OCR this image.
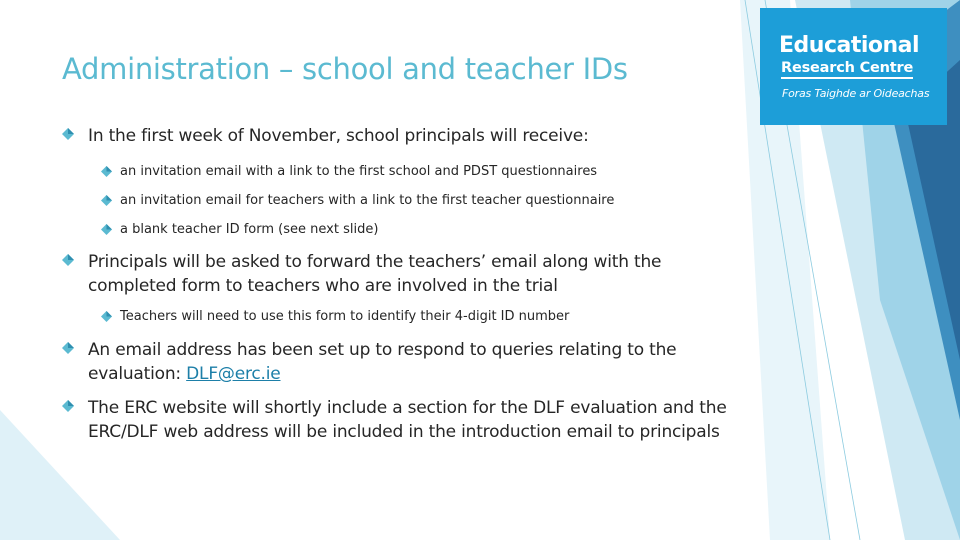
Administration – school and teacher IDs
Educational
Research Centre
Foras Taighde ar Oideachas
In the first week of November, school principals will receive:
an invitation email with a link to the first school and PDST questionnaires
an invitation email for teachers with a link to the first teacher questionnaire
a blank teacher ID form (see next slide)
Principals will be asked to forward the teachers’ email along with the completed form to teachers who are involved in the trial
Teachers will need to use this form to identify their 4-digit ID number
An email address has been set up to respond to queries relating to the evaluation: DLF@erc.ie
The ERC website will shortly include a section for the DLF evaluation and the ERC/DLF web address will be included in the introduction email to principals
